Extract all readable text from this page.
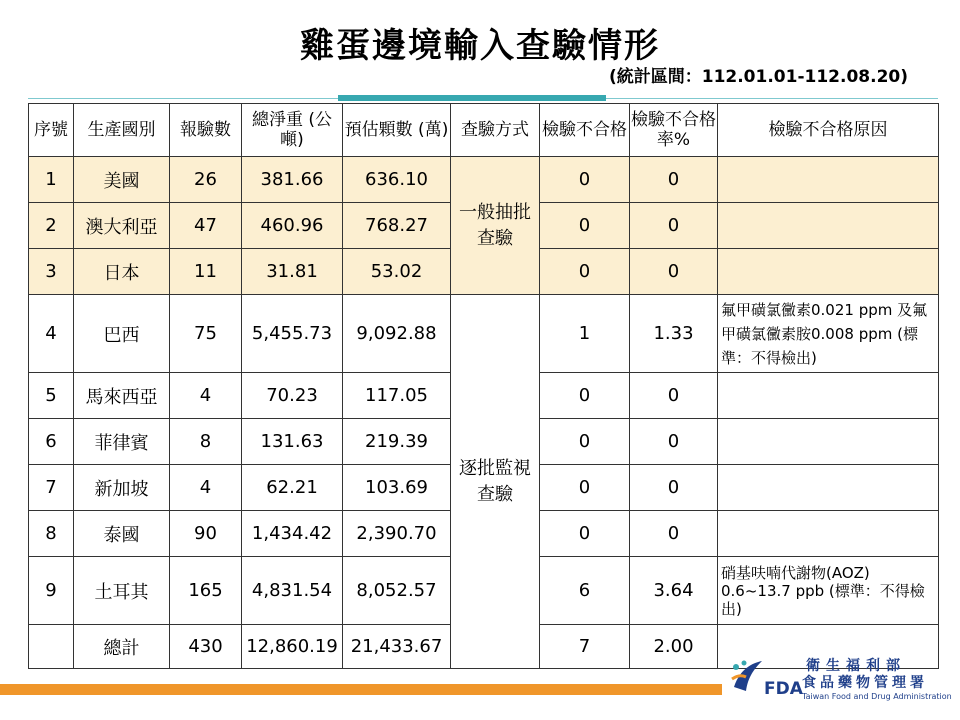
雞蛋邊境輸入查驗情形
(統計區間：112.01.01-112.08.20)
序號	生產國別	報驗數	總淨重 (公噸)	預估顆數 (萬)	查驗方式	檢驗不合格	檢驗不合格率%	檢驗不合格原因
1	美國	26	381.66	636.10	一般抽批查驗	0	0	
2	澳大利亞	47	460.96	768.27		0	0	
3	日本	11	31.81	53.02		0	0	
4	巴西	75	5,455.73	9,092.88	逐批監視查驗	1	1.33	氟甲磺氯黴素0.021 ppm 及氟甲磺氯黴素胺0.008 ppm (標準：不得檢出)
5	馬來西亞	4	70.23	117.05		0	0	
6	菲律賓	8	131.63	219.39		0	0	
7	新加坡	4	62.21	103.69		0	0	
8	泰國	90	1,434.42	2,390.70		0	0	
9	土耳其	165	4,831.54	8,052.57		6	3.64	硝基呋喃代謝物(AOZ) 0.6~13.7 ppb (標準：不得檢出)
	總計	430	12,860.19	21,433.67		7	2.00	
FDA
衛生福利部
食品藥物管理署
Taiwan Food and Drug Administration
